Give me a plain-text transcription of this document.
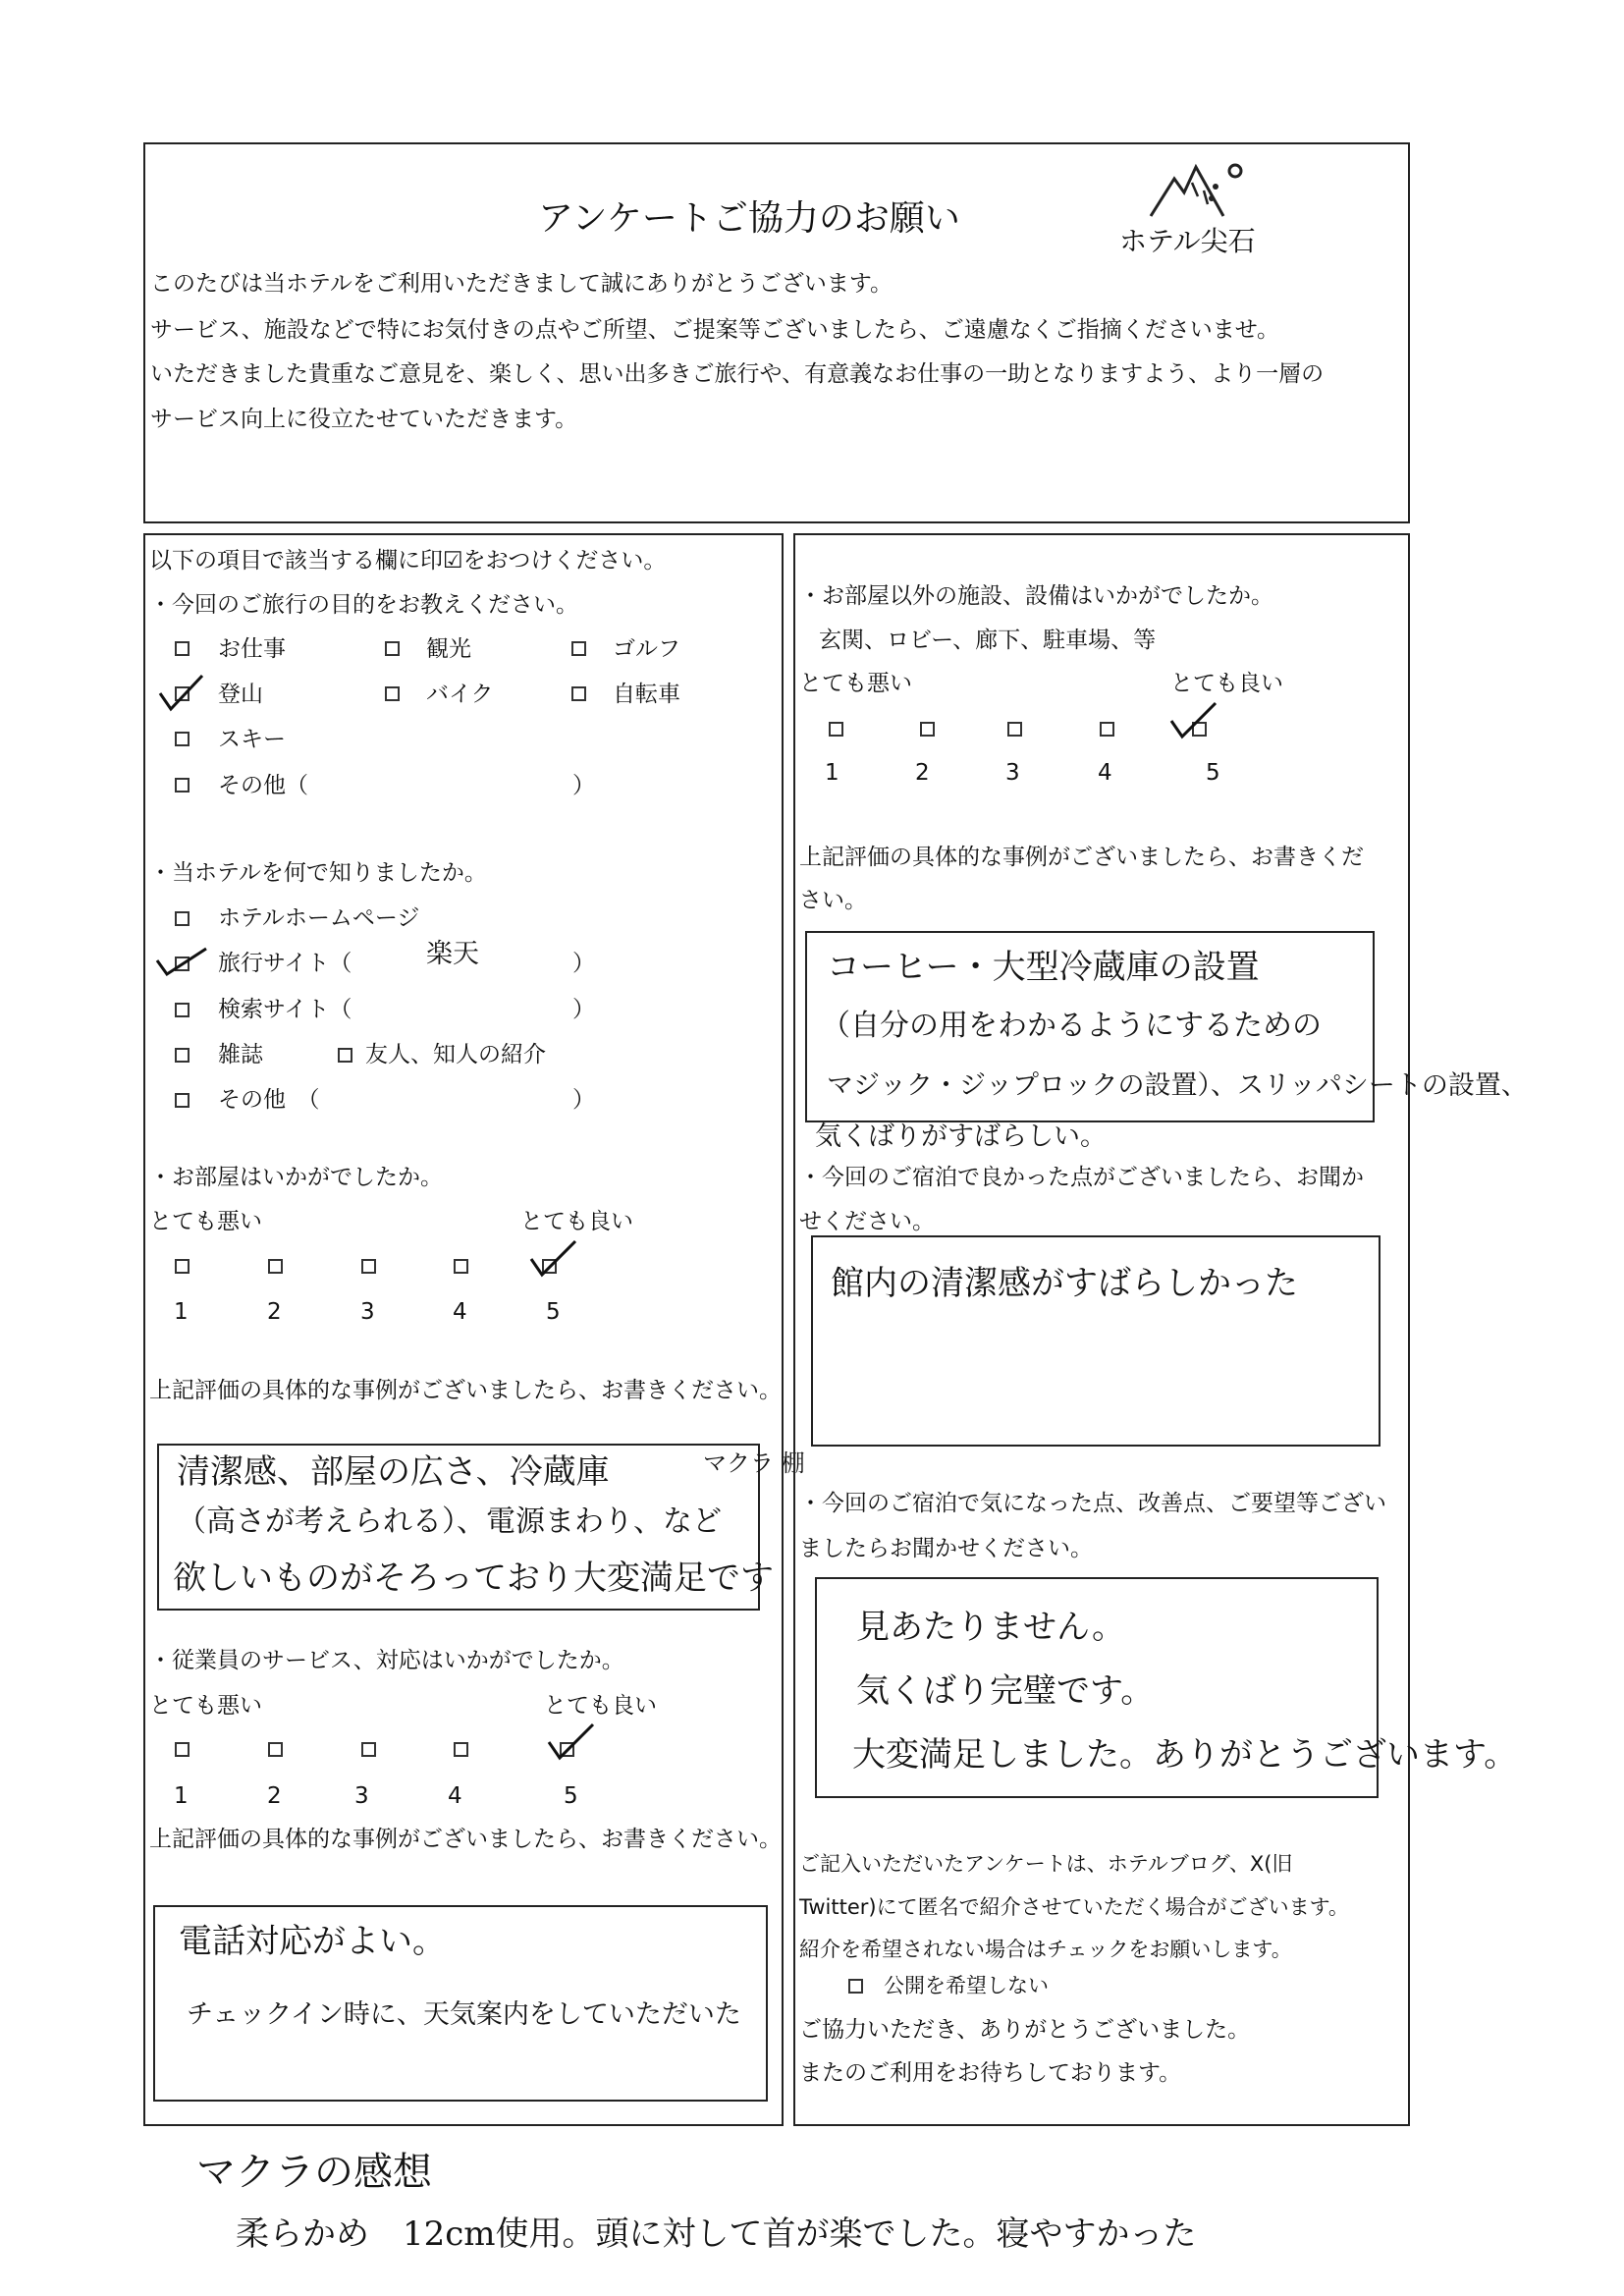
アンケートご協力のお願い
ホテル尖石
このたびは当ホテルをご利用いただきまして誠にありがとうございます。
サービス、施設などで特にお気付きの点やご所望、ご提案等ございましたら、ご遠慮なくご指摘くださいませ。
いただきました貴重なご意見を、楽しく、思い出多きご旅行や、有意義なお仕事の一助となりますよう、より一層の
サービス向上に役立たせていただきます。
以下の項目で該当する欄に印☑をおつけください。
・今回のご旅行の目的をお教えください。
お仕事	観光	ゴルフ
登山	バイク	自転車
スキー
その他（	）
・当ホテルを何で知りましたか。
ホテルホームページ
旅行サイト（	楽天	）
検索サイト（	）
雑誌	友人、知人の紹介
その他　（	）
・お部屋はいかがでしたか。
とても悪い	とても良い
1	2	3	4	5
上記評価の具体的な事例がございましたら、お書きください。
清潔感、部屋の広さ、冷蔵庫
（高さが考えられる）、電源まわり、など
欲しいものがそろっており大変満足です
マクラ 棚
・従業員のサービス、対応はいかがでしたか。
とても悪い	とても良い
1	2	3	4	5
上記評価の具体的な事例がございましたら、お書きください。
電話対応がよい。
チェックイン時に、天気案内をしていただいた
・お部屋以外の施設、設備はいかがでしたか。
玄関、ロビー、廊下、駐車場、等
とても悪い	とても良い
1	2	3	4	5
上記評価の具体的な事例がございましたら、お書きくだ
さい。
コーヒー・大型冷蔵庫の設置
（自分の用をわかるようにするための
マジック・ジップロックの設置）、スリッパシートの設置、
気くばりがすばらしい。
・今回のご宿泊で良かった点がございましたら、お聞か
せください。
館内の清潔感がすばらしかった
・今回のご宿泊で気になった点、改善点、ご要望等ござい
ましたらお聞かせください。
見あたりません。
気くばり完璧です。
大変満足しました。ありがとうございます。
ご記入いただいたアンケートは、ホテルブログ、X(旧
Twitter)にて匿名で紹介させていただく場合がございます。
紹介を希望されない場合はチェックをお願いします。
公開を希望しない
ご協力いただき、ありがとうございました。
またのご利用をお待ちしております。
マクラの感想
柔らかめ　12cm使用。頭に対して首が楽でした。寝やすかった
